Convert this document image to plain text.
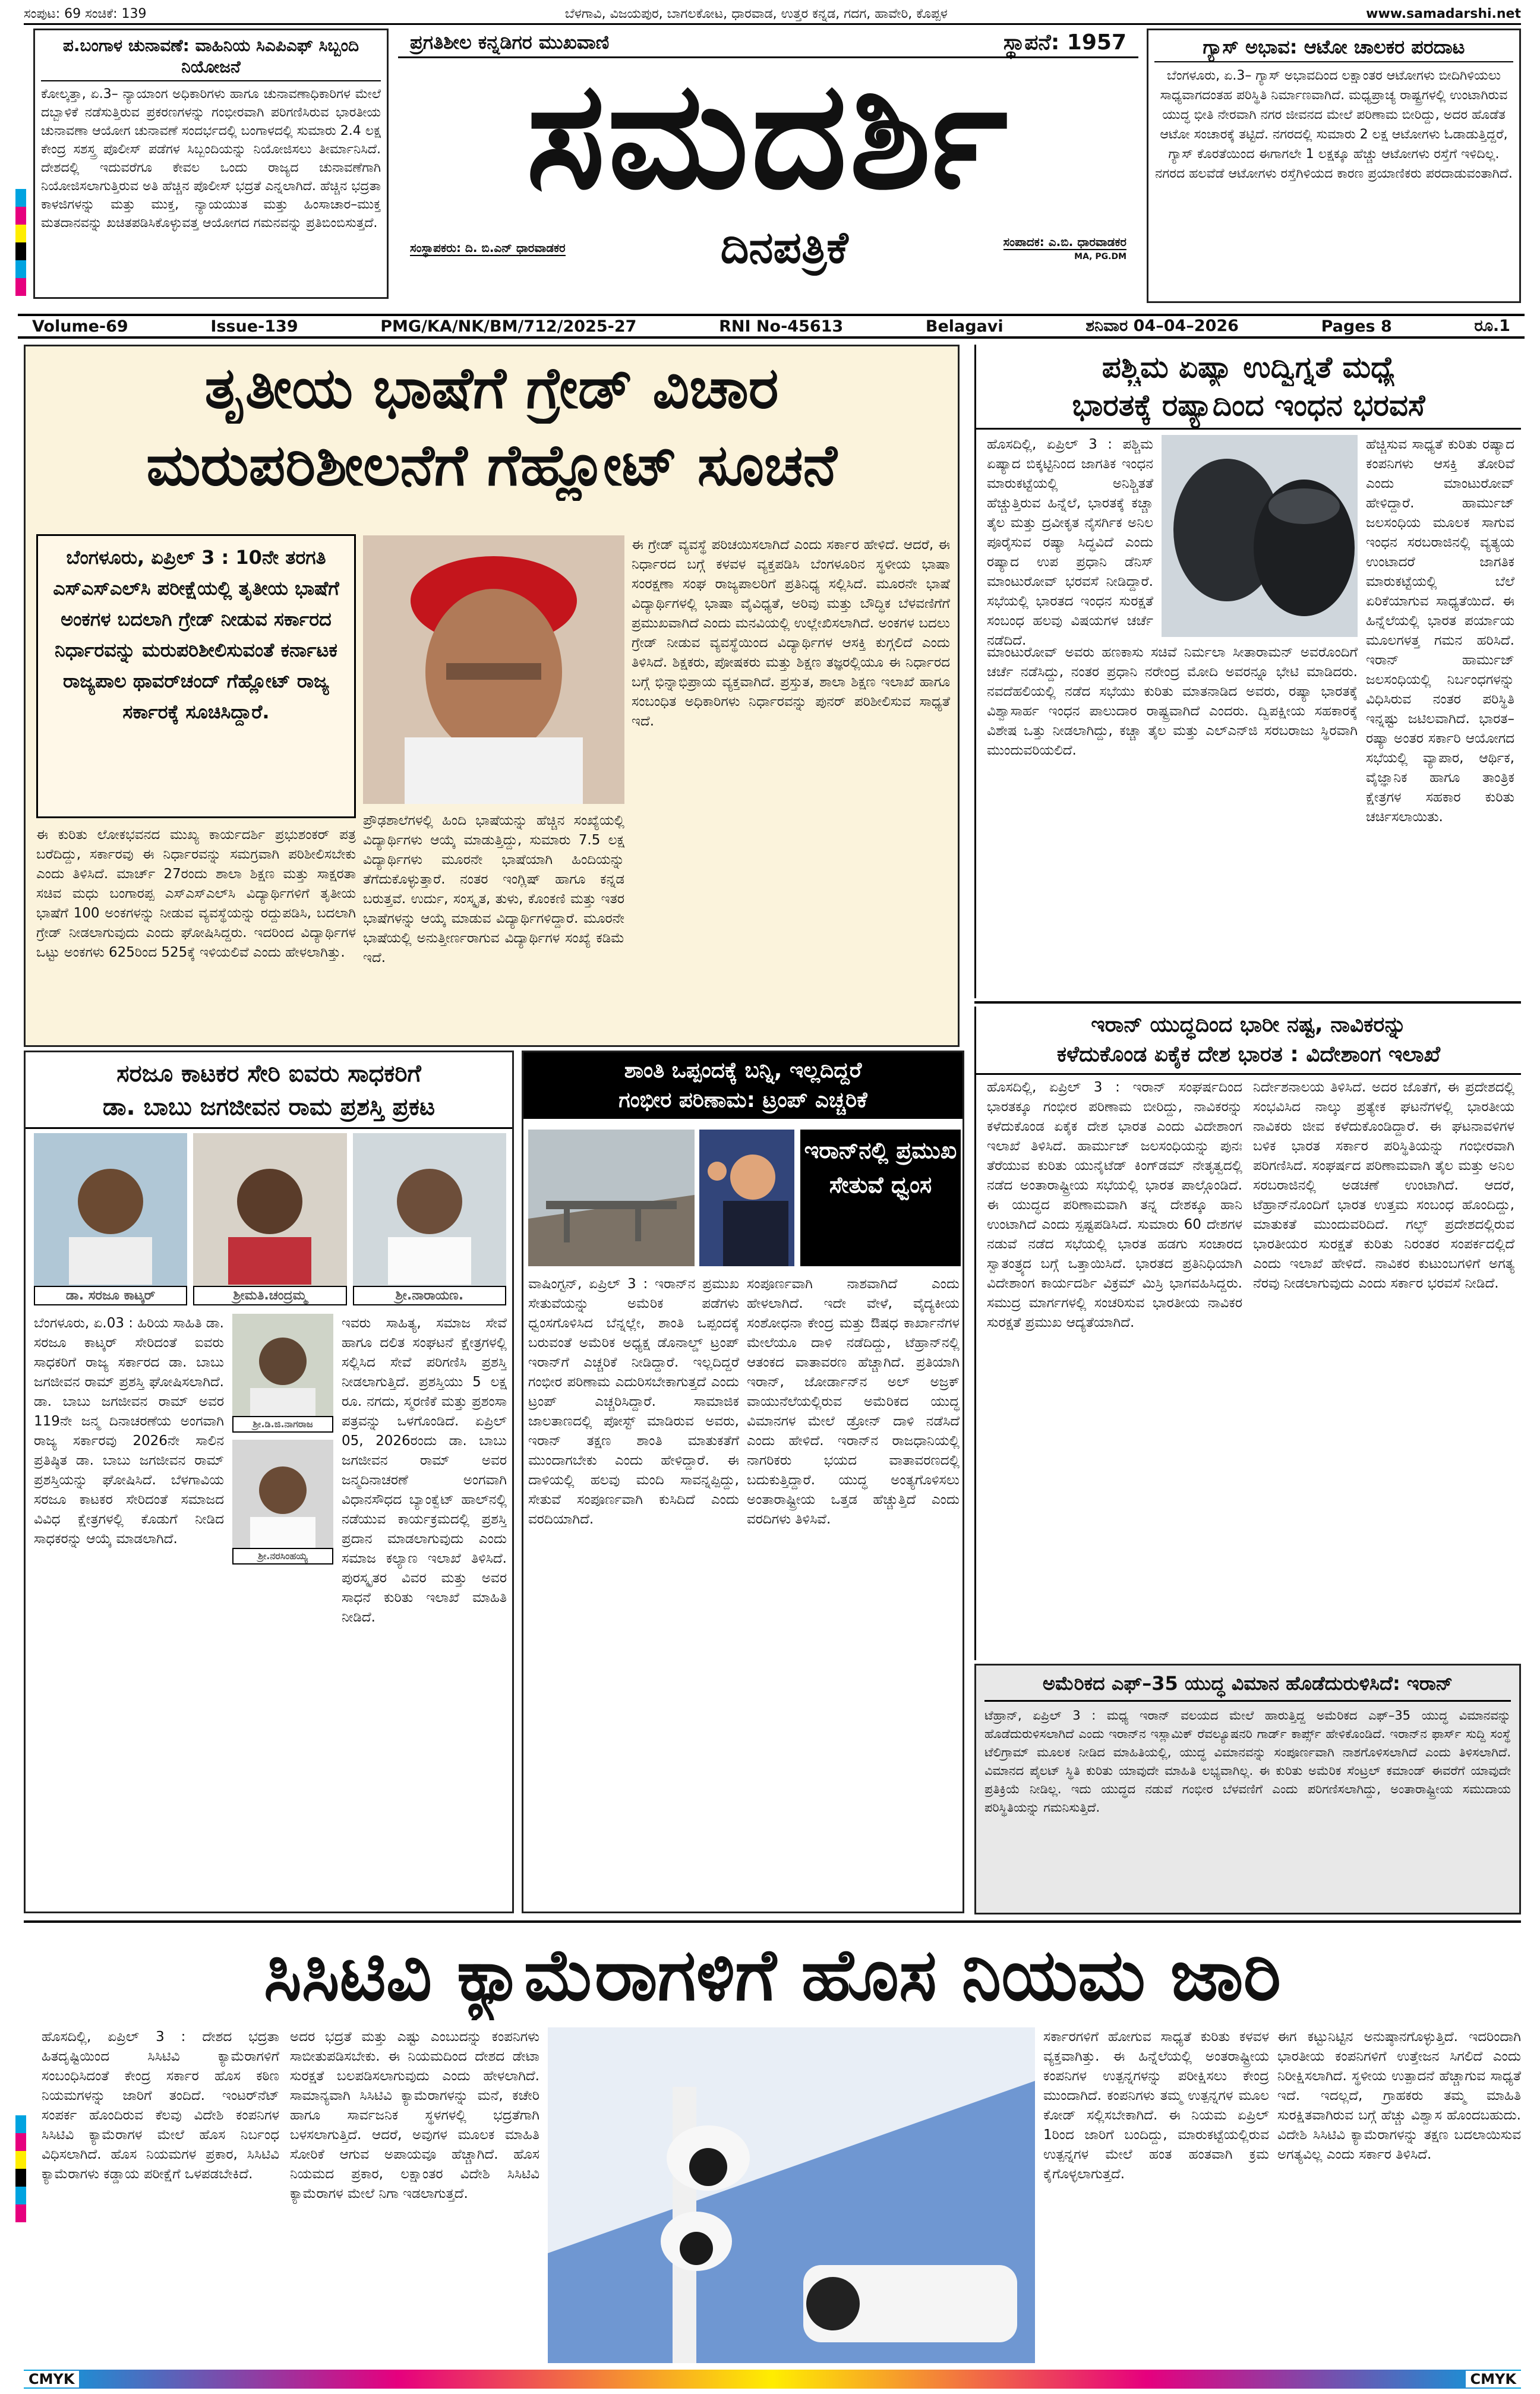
ಸಂಪುಟ: 69 ಸಂಚಿಕೆ: 139	ಬೆಳಗಾವಿ, ವಿಜಯಪುರ, ಬಾಗಲಕೋಟ, ಧಾರವಾಡ, ಉತ್ತರ ಕನ್ನಡ, ಗದಗ, ಹಾವೇರಿ, ಕೊಪ್ಪಳ	www.samadarshi.net
ಪ.ಬಂಗಾಳ ಚುನಾವಣೆ: ವಾಹಿನಿಯ ಸಿಎಪಿಎಫ್ ಸಿಬ್ಬಂದಿ ನಿಯೋಜನೆ
ಕೋಲ್ಕತ್ತಾ, ಏ.3– ನ್ಯಾಯಾಂಗ ಅಧಿಕಾರಿಗಳು ಹಾಗೂ ಚುನಾವಣಾಧಿಕಾರಿಗಳ ಮೇಲೆ ದಬ್ಬಾಳಿಕೆ ನಡೆಸುತ್ತಿರುವ ಪ್ರಕರಣಗಳನ್ನು ಗಂಭೀರವಾಗಿ ಪರಿಗಣಿಸಿರುವ ಭಾರತೀಯ ಚುನಾವಣಾ ಆಯೋಗ ಚುನಾವಣೆ ಸಂದರ್ಭದಲ್ಲಿ ಬಂಗಾಳದಲ್ಲಿ ಸುಮಾರು 2.4 ಲಕ್ಷ ಕೇಂದ್ರ ಸಶಸ್ತ್ರ ಪೊಲೀಸ್ ಪಡೆಗಳ ಸಿಬ್ಬಂದಿಯನ್ನು ನಿಯೋಜಿಸಲು ತೀರ್ಮಾನಿಸಿದೆ. ದೇಶದಲ್ಲಿ ಇದುವರೆಗೂ ಕೇವಲ ಒಂದು ರಾಜ್ಯದ ಚುನಾವಣೆಗಾಗಿ ನಿಯೋಜಿಸಲಾಗುತ್ತಿರುವ ಅತಿ ಹೆಚ್ಚಿನ ಪೊಲೀಸ್ ಭದ್ರತೆ ಎನ್ನಲಾಗಿದೆ. ಹೆಚ್ಚಿನ ಭದ್ರತಾ ಕಾಳಜಿಗಳನ್ನು ಮತ್ತು ಮುಕ್ತ, ನ್ಯಾಯಯುತ ಮತ್ತು ಹಿಂಸಾಚಾರ–ಮುಕ್ತ ಮತದಾನವನ್ನು ಖಚಿತಪಡಿಸಿಕೊಳ್ಳುವತ್ತ ಆಯೋಗದ ಗಮನವನ್ನು ಪ್ರತಿಬಿಂಬಿಸುತ್ತದೆ.
ಪ್ರಗತಿಶೀಲ ಕನ್ನಡಿಗರ ಮುಖವಾಣಿ	ಸ್ಥಾಪನೆ: 1957
ಸಮದರ್ಶಿ
ಸಂಸ್ಥಾಪಕರು: ದಿ. ಬಿ.ಎನ್ ಧಾರವಾಡಕರ	ದಿನಪತ್ರಿಕೆ	ಸಂಪಾದಕ: ಎ.ಬಿ. ಧಾರವಾಡಕರ
MA, PG.DM
ಗ್ಯಾಸ್ ಅಭಾವ: ಆಟೋ ಚಾಲಕರ ಪರದಾಟ
ಬೆಂಗಳೂರು, ಏ.3– ಗ್ಯಾಸ್ ಅಭಾವದಿಂದ ಲಕ್ಷಾಂತರ ಆಟೋಗಳು ಬೀದಿಗಿಳಿಯಲು ಸಾಧ್ಯವಾಗದಂತಹ ಪರಿಸ್ಥಿತಿ ನಿರ್ಮಾಣವಾಗಿದೆ. ಮಧ್ಯಪ್ರಾಚ್ಯ ರಾಷ್ಟ್ರಗಳಲ್ಲಿ ಉಂಟಾಗಿರುವ ಯುದ್ಧ ಭೀತಿ ನೇರವಾಗಿ ನಗರ ಜೀವನದ ಮೇಲೆ ಪರಿಣಾಮ ಬೀರಿದ್ದು, ಅದರ ಹೊಡೆತ ಆಟೋ ಸಂಚಾರಕ್ಕೆ ತಟ್ಟಿದೆ. ನಗರದಲ್ಲಿ ಸುಮಾರು 2 ಲಕ್ಷ ಆಟೋಗಳು ಓಡಾಡುತ್ತಿದ್ದರೆ, ಗ್ಯಾಸ್ ಕೊರತೆಯಿಂದ ಈಗಾಗಲೇ 1 ಲಕ್ಷಕ್ಕೂ ಹೆಚ್ಚು ಆಟೋಗಳು ರಸ್ತೆಗೆ ಇಳಿದಿಲ್ಲ. ನಗರದ ಹಲವೆಡೆ ಆಟೋಗಳು ರಸ್ತೆಗಿಳಿಯದ ಕಾರಣ ಪ್ರಯಾಣಿಕರು ಪರದಾಡುವಂತಾಗಿದೆ.
Volume-69	Issue-139	PMG/KA/NK/BM/712/2025-27	RNI No-45613	Belagavi	ಶನಿವಾರ 04–04–2026	Pages 8	ರೂ.1
ತೃತೀಯ ಭಾಷೆಗೆ ಗ್ರೇಡ್ ವಿಚಾರ
ಮರುಪರಿಶೀಲನೆಗೆ ಗೆಹ್ಲೋಟ್ ಸೂಚನೆ
ಬೆಂಗಳೂರು, ಏಪ್ರಿಲ್ 3 : 10ನೇ ತರಗತಿ ಎಸ್‌ಎಸ್‌ಎಲ್‌ಸಿ ಪರೀಕ್ಷೆಯಲ್ಲಿ ತೃತೀಯ ಭಾಷೆಗೆ ಅಂಕಗಳ ಬದಲಾಗಿ ಗ್ರೇಡ್ ನೀಡುವ ಸರ್ಕಾರದ ನಿರ್ಧಾರವನ್ನು ಮರುಪರಿಶೀಲಿಸುವಂತೆ ಕರ್ನಾಟಕ ರಾಜ್ಯಪಾಲ ಥಾವರ್‌ಚಂದ್ ಗೆಹ್ಲೋಟ್ ರಾಜ್ಯ ಸರ್ಕಾರಕ್ಕೆ ಸೂಚಿಸಿದ್ದಾರೆ.
ಈ ಕುರಿತು ಲೋಕಭವನದ ಮುಖ್ಯ ಕಾರ್ಯದರ್ಶಿ ಪ್ರಭುಶಂಕರ್ ಪತ್ರ ಬರೆದಿದ್ದು, ಸರ್ಕಾರವು ಈ ನಿರ್ಧಾರವನ್ನು ಸಮಗ್ರವಾಗಿ ಪರಿಶೀಲಿಸಬೇಕು ಎಂದು ತಿಳಿಸಿದೆ. ಮಾರ್ಚ್ 27ರಂದು ಶಾಲಾ ಶಿಕ್ಷಣ ಮತ್ತು ಸಾಕ್ಷರತಾ ಸಚಿವ ಮಧು ಬಂಗಾರಪ್ಪ ಎಸ್‌ಎಸ್‌ಎಲ್‌ಸಿ ವಿದ್ಯಾರ್ಥಿಗಳಿಗೆ ತೃತೀಯ ಭಾಷೆಗೆ 100 ಅಂಕಗಳನ್ನು ನೀಡುವ ವ್ಯವಸ್ಥೆಯನ್ನು ರದ್ದುಪಡಿಸಿ, ಬದಲಾಗಿ ಗ್ರೇಡ್ ನೀಡಲಾಗುವುದು ಎಂದು ಘೋಷಿಸಿದ್ದರು. ಇದರಿಂದ ವಿದ್ಯಾರ್ಥಿಗಳ ಒಟ್ಟು ಅಂಕಗಳು 625ರಿಂದ 525ಕ್ಕೆ ಇಳಿಯಲಿವೆ ಎಂದು ಹೇಳಲಾಗಿತ್ತು.
ಪ್ರೌಢಶಾಲೆಗಳಲ್ಲಿ ಹಿಂದಿ ಭಾಷೆಯನ್ನು ಹೆಚ್ಚಿನ ಸಂಖ್ಯೆಯಲ್ಲಿ ವಿದ್ಯಾರ್ಥಿಗಳು ಆಯ್ಕೆ ಮಾಡುತ್ತಿದ್ದು, ಸುಮಾರು 7.5 ಲಕ್ಷ ವಿದ್ಯಾರ್ಥಿಗಳು ಮೂರನೇ ಭಾಷೆಯಾಗಿ ಹಿಂದಿಯನ್ನು ತೆಗೆದುಕೊಳ್ಳುತ್ತಾರೆ. ನಂತರ ಇಂಗ್ಲಿಷ್ ಹಾಗೂ ಕನ್ನಡ ಬರುತ್ತವೆ. ಉರ್ದು, ಸಂಸ್ಕೃತ, ತುಳು, ಕೊಂಕಣಿ ಮತ್ತು ಇತರ ಭಾಷೆಗಳನ್ನು ಆಯ್ಕೆ ಮಾಡುವ ವಿದ್ಯಾರ್ಥಿಗಳಿದ್ದಾರೆ. ಮೂರನೇ ಭಾಷೆಯಲ್ಲಿ ಅನುತ್ತೀರ್ಣರಾಗುವ ವಿದ್ಯಾರ್ಥಿಗಳ ಸಂಖ್ಯೆ ಕಡಿಮೆ ಇದೆ.
ಈ ಗ್ರೇಡ್ ವ್ಯವಸ್ಥೆ ಪರಿಚಯಿಸಲಾಗಿದೆ ಎಂದು ಸರ್ಕಾರ ಹೇಳಿದೆ. ಆದರೆ, ಈ ನಿರ್ಧಾರದ ಬಗ್ಗೆ ಕಳವಳ ವ್ಯಕ್ತಪಡಿಸಿ ಬೆಂಗಳೂರಿನ ಸ್ಥಳೀಯ ಭಾಷಾ ಸಂರಕ್ಷಣಾ ಸಂಘ ರಾಜ್ಯಪಾಲರಿಗೆ ಪ್ರತಿನಿಧ್ಯ ಸಲ್ಲಿಸಿದೆ. ಮೂರನೇ ಭಾಷೆ ವಿದ್ಯಾರ್ಥಿಗಳಲ್ಲಿ ಭಾಷಾ ವೈವಿಧ್ಯತೆ, ಅರಿವು ಮತ್ತು ಬೌದ್ಧಿಕ ಬೆಳವಣಿಗೆಗೆ ಪ್ರಮುಖವಾಗಿದೆ ಎಂದು ಮನವಿಯಲ್ಲಿ ಉಲ್ಲೇಖಿಸಲಾಗಿದೆ. ಅಂಕಗಳ ಬದಲು ಗ್ರೇಡ್ ನೀಡುವ ವ್ಯವಸ್ಥೆಯಿಂದ ವಿದ್ಯಾರ್ಥಿಗಳ ಆಸಕ್ತಿ ಕುಗ್ಗಲಿದೆ ಎಂದು ತಿಳಿಸಿದೆ. ಶಿಕ್ಷಕರು, ಪೋಷಕರು ಮತ್ತು ಶಿಕ್ಷಣ ತಜ್ಞರಲ್ಲಿಯೂ ಈ ನಿರ್ಧಾರದ ಬಗ್ಗೆ ಭಿನ್ನಾಭಿಪ್ರಾಯ ವ್ಯಕ್ತವಾಗಿದೆ. ಪ್ರಸ್ತುತ, ಶಾಲಾ ಶಿಕ್ಷಣ ಇಲಾಖೆ ಹಾಗೂ ಸಂಬಂಧಿತ ಅಧಿಕಾರಿಗಳು ನಿರ್ಧಾರವನ್ನು ಪುನರ್ ಪರಿಶೀಲಿಸುವ ಸಾಧ್ಯತೆ ಇದೆ.
ಪಶ್ಚಿಮ ಏಷ್ಯಾ ಉದ್ವಿಗ್ನತೆ ಮಧ್ಯೆ
ಭಾರತಕ್ಕೆ ರಷ್ಯಾದಿಂದ ಇಂಧನ ಭರವಸೆ
ಹೊಸದಿಲ್ಲಿ, ಏಪ್ರಿಲ್ 3 : ಪಶ್ಚಿಮ ಏಷ್ಯಾದ ಬಿಕ್ಕಟ್ಟಿನಿಂದ ಜಾಗತಿಕ ಇಂಧನ ಮಾರುಕಟ್ಟೆಯಲ್ಲಿ ಅನಿಶ್ಚಿತತೆ ಹೆಚ್ಚುತ್ತಿರುವ ಹಿನ್ನೆಲೆ, ಭಾರತಕ್ಕೆ ಕಚ್ಚಾ ತೈಲ ಮತ್ತು ದ್ರವೀಕೃತ ನೈಸರ್ಗಿಕ ಅನಿಲ ಪೂರೈಸುವ ರಷ್ಯಾ ಸಿದ್ಧವಿದೆ ಎಂದು ರಷ್ಯಾದ ಉಪ ಪ್ರಧಾನಿ ಡೆನಿಸ್ ಮಾಂಟುರೋವ್ ಭರವಸೆ ನೀಡಿದ್ದಾರೆ. ಸಭೆಯಲ್ಲಿ ಭಾರತದ ಇಂಧನ ಸುರಕ್ಷತೆ ಸಂಬಂಧ ಹಲವು ವಿಷಯಗಳ ಚರ್ಚೆ ನಡೆದಿದೆ.
ಹೆಚ್ಚಿಸುವ ಸಾಧ್ಯತೆ ಕುರಿತು ರಷ್ಯಾದ ಕಂಪನಿಗಳು ಆಸಕ್ತಿ ತೋರಿವೆ ಎಂದು ಮಾಂಟುರೋವ್ ಹೇಳಿದ್ದಾರೆ. ಹಾರ್ಮುಜ್ ಜಲಸಂಧಿಯ ಮೂಲಕ ಸಾಗುವ ಇಂಧನ ಸರಬರಾಜಿನಲ್ಲಿ ವ್ಯತ್ಯಯ ಉಂಟಾದರೆ ಜಾಗತಿಕ ಮಾರುಕಟ್ಟೆಯಲ್ಲಿ ಬೆಲೆ ಏರಿಕೆಯಾಗುವ ಸಾಧ್ಯತೆಯಿದೆ. ಈ ಹಿನ್ನೆಲೆಯಲ್ಲಿ ಭಾರತ ಪರ್ಯಾಯ ಮೂಲಗಳತ್ತ ಗಮನ ಹರಿಸಿದೆ. ಇರಾನ್ ಹಾರ್ಮುಜ್ ಜಲಸಂಧಿಯಲ್ಲಿ ನಿರ್ಬಂಧಗಳನ್ನು ವಿಧಿಸಿರುವ ನಂತರ ಪರಿಸ್ಥಿತಿ ಇನ್ನಷ್ಟು ಜಟಿಲವಾಗಿದೆ. ಭಾರತ–ರಷ್ಯಾ ಅಂತರ ಸರ್ಕಾರಿ ಆಯೋಗದ ಸಭೆಯಲ್ಲಿ ವ್ಯಾಪಾರ, ಆರ್ಥಿಕ, ವೈಜ್ಞಾನಿಕ ಹಾಗೂ ತಾಂತ್ರಿಕ ಕ್ಷೇತ್ರಗಳ ಸಹಕಾರ ಕುರಿತು ಚರ್ಚಿಸಲಾಯಿತು.
ಮಾಂಟುರೋವ್ ಅವರು ಹಣಕಾಸು ಸಚಿವೆ ನಿರ್ಮಲಾ ಸೀತಾರಾಮನ್ ಅವರೊಂದಿಗೆ ಚರ್ಚೆ ನಡೆಸಿದ್ದು, ನಂತರ ಪ್ರಧಾನಿ ನರೇಂದ್ರ ಮೋದಿ ಅವರನ್ನೂ ಭೇಟಿ ಮಾಡಿದರು. ನವದೆಹಲಿಯಲ್ಲಿ ನಡೆದ ಸಭೆಯು ಕುರಿತು ಮಾತನಾಡಿದ ಅವರು, ರಷ್ಯಾ ಭಾರತಕ್ಕೆ ವಿಶ್ವಾಸಾರ್ಹ ಇಂಧನ ಪಾಲುದಾರ ರಾಷ್ಟ್ರವಾಗಿದೆ ಎಂದರು. ದ್ವಿಪಕ್ಷೀಯ ಸಹಕಾರಕ್ಕೆ ವಿಶೇಷ ಒತ್ತು ನೀಡಲಾಗಿದ್ದು, ಕಚ್ಚಾ ತೈಲ ಮತ್ತು ಎಲ್‌ಎನ್‌ಜಿ ಸರಬರಾಜು ಸ್ಥಿರವಾಗಿ ಮುಂದುವರಿಯಲಿದೆ.
ಇರಾನ್ ಯುದ್ಧದಿಂದ ಭಾರೀ ನಷ್ಟ, ನಾವಿಕರನ್ನು
ಕಳೆದುಕೊಂಡ ಏಕೈಕ ದೇಶ ಭಾರತ : ವಿದೇಶಾಂಗ ಇಲಾಖೆ
ಹೊಸದಿಲ್ಲಿ, ಏಪ್ರಿಲ್ 3 : ಇರಾನ್ ಸಂಘರ್ಷದಿಂದ ಭಾರತಕ್ಕೂ ಗಂಭೀರ ಪರಿಣಾಮ ಬೀರಿದ್ದು, ನಾವಿಕರನ್ನು ಕಳೆದುಕೊಂಡ ಏಕೈಕ ದೇಶ ಭಾರತ ಎಂದು ವಿದೇಶಾಂಗ ಇಲಾಖೆ ತಿಳಿಸಿದೆ. ಹಾರ್ಮುಜ್ ಜಲಸಂಧಿಯನ್ನು ಪುನಃ ತೆರೆಯುವ ಕುರಿತು ಯುನೈಟೆಡ್ ಕಿಂಗ್‌ಡಮ್ ನೇತೃತ್ವದಲ್ಲಿ ನಡೆದ ಅಂತಾರಾಷ್ಟ್ರೀಯ ಸಭೆಯಲ್ಲಿ ಭಾರತ ಪಾಲ್ಗೊಂಡಿದೆ. ಈ ಯುದ್ಧದ ಪರಿಣಾಮವಾಗಿ ತನ್ನ ದೇಶಕ್ಕೂ ಹಾನಿ ಉಂಟಾಗಿದೆ ಎಂದು ಸ್ಪಷ್ಟಪಡಿಸಿದೆ. ಸುಮಾರು 60 ದೇಶಗಳ ನಡುವೆ ನಡೆದ ಸಭೆಯಲ್ಲಿ ಭಾರತ ಹಡಗು ಸಂಚಾರದ ಸ್ವಾತಂತ್ರ್ಯದ ಬಗ್ಗೆ ಒತ್ತಾಯಿಸಿದೆ. ಭಾರತದ ಪ್ರತಿನಿಧಿಯಾಗಿ ವಿದೇಶಾಂಗ ಕಾರ್ಯದರ್ಶಿ ವಿಕ್ರಮ್ ಮಿಸ್ರಿ ಭಾಗವಹಿಸಿದ್ದರು. ಸಮುದ್ರ ಮಾರ್ಗಗಳಲ್ಲಿ ಸಂಚರಿಸುವ ಭಾರತೀಯ ನಾವಿಕರ ಸುರಕ್ಷತೆ ಪ್ರಮುಖ ಆದ್ಯತೆಯಾಗಿದೆ.
ನಿರ್ದೇಶನಾಲಯ ತಿಳಿಸಿದೆ. ಅದರ ಜೊತೆಗೆ, ಈ ಪ್ರದೇಶದಲ್ಲಿ ಸಂಭವಿಸಿದ ನಾಲ್ಕು ಪ್ರತ್ಯೇಕ ಘಟನೆಗಳಲ್ಲಿ ಭಾರತೀಯ ನಾವಿಕರು ಜೀವ ಕಳೆದುಕೊಂಡಿದ್ದಾರೆ. ಈ ಘಟನಾವಳಿಗಳ ಬಳಿಕ ಭಾರತ ಸರ್ಕಾರ ಪರಿಸ್ಥಿತಿಯನ್ನು ಗಂಭೀರವಾಗಿ ಪರಿಗಣಿಸಿದೆ. ಸಂಘರ್ಷದ ಪರಿಣಾಮವಾಗಿ ತೈಲ ಮತ್ತು ಅನಿಲ ಸರಬರಾಜಿನಲ್ಲಿ ಅಡಚಣೆ ಉಂಟಾಗಿದೆ. ಆದರೆ, ಟೆಹ್ರಾನ್‌ನೊಂದಿಗೆ ಭಾರತ ಉತ್ತಮ ಸಂಬಂಧ ಹೊಂದಿದ್ದು, ಮಾತುಕತೆ ಮುಂದುವರಿದಿದೆ. ಗಲ್ಫ್ ಪ್ರದೇಶದಲ್ಲಿರುವ ಭಾರತೀಯರ ಸುರಕ್ಷತೆ ಕುರಿತು ನಿರಂತರ ಸಂಪರ್ಕದಲ್ಲಿದೆ ಎಂದು ಇಲಾಖೆ ಹೇಳಿದೆ. ನಾವಿಕರ ಕುಟುಂಬಗಳಿಗೆ ಅಗತ್ಯ ನೆರವು ನೀಡಲಾಗುವುದು ಎಂದು ಸರ್ಕಾರ ಭರವಸೆ ನೀಡಿದೆ.
ಅಮೆರಿಕದ ಎಫ್–35 ಯುದ್ಧ ವಿಮಾನ ಹೊಡೆದುರುಳಿಸಿದೆ: ಇರಾನ್
ಟೆಹ್ರಾನ್, ಏಪ್ರಿಲ್ 3 : ಮಧ್ಯ ಇರಾನ್ ವಲಯದ ಮೇಲೆ ಹಾರುತ್ತಿದ್ದ ಅಮೆರಿಕದ ಎಫ್–35 ಯುದ್ಧ ವಿಮಾನವನ್ನು ಹೊಡೆದುರುಳಿಸಲಾಗಿದೆ ಎಂದು ಇರಾನ್‌ನ ಇಸ್ಲಾಮಿಕ್ ರೆವಲ್ಯೂಷನರಿ ಗಾರ್ಡ್ ಕಾರ್ಪ್ಸ್ ಹೇಳಿಕೊಂಡಿದೆ. ಇರಾನ್‌ನ ಫಾರ್ಸ್ ಸುದ್ದಿ ಸಂಸ್ಥೆ ಟೆಲಿಗ್ರಾಮ್ ಮೂಲಕ ನೀಡಿದ ಮಾಹಿತಿಯಲ್ಲಿ, ಯುದ್ಧ ವಿಮಾನವನ್ನು ಸಂಪೂರ್ಣವಾಗಿ ನಾಶಗೊಳಿಸಲಾಗಿದೆ ಎಂದು ತಿಳಿಸಲಾಗಿದೆ. ವಿಮಾನದ ಪೈಲಟ್ ಸ್ಥಿತಿ ಕುರಿತು ಯಾವುದೇ ಮಾಹಿತಿ ಲಭ್ಯವಾಗಿಲ್ಲ. ಈ ಕುರಿತು ಅಮೆರಿಕ ಸೆಂಟ್ರಲ್ ಕಮಾಂಡ್ ಈವರೆಗೆ ಯಾವುದೇ ಪ್ರತಿಕ್ರಿಯೆ ನೀಡಿಲ್ಲ. ಇದು ಯುದ್ಧದ ನಡುವೆ ಗಂಭೀರ ಬೆಳವಣಿಗೆ ಎಂದು ಪರಿಗಣಿಸಲಾಗಿದ್ದು, ಅಂತಾರಾಷ್ಟ್ರೀಯ ಸಮುದಾಯ ಪರಿಸ್ಥಿತಿಯನ್ನು ಗಮನಿಸುತ್ತಿದೆ.
ಸರಜೂ ಕಾಟಕರ ಸೇರಿ ಐವರು ಸಾಧಕರಿಗೆ
ಡಾ. ಬಾಬು ಜಗಜೀವನ ರಾಮ ಪ್ರಶಸ್ತಿ ಪ್ರಕಟ
ಡಾ. ಸರಜೂ ಕಾಟ್ಕರ್	ಶ್ರೀಮತಿ.ಚಂದ್ರಮ್ಮ	ಶ್ರೀ.ನಾರಾಯಣ.
ಬೆಂಗಳೂರು, ಏ.03 : ಹಿರಿಯ ಸಾಹಿತಿ ಡಾ. ಸರಜೂ ಕಾಟ್ಕರ್ ಸೇರಿದಂತೆ ಐವರು ಸಾಧಕರಿಗೆ ರಾಜ್ಯ ಸರ್ಕಾರದ ಡಾ. ಬಾಬು ಜಗಜೀವನ ರಾಮ್ ಪ್ರಶಸ್ತಿ ಘೋಷಿಸಲಾಗಿದೆ. ಡಾ. ಬಾಬು ಜಗಜೀವನ ರಾಮ್ ಅವರ 119ನೇ ಜನ್ಮ ದಿನಾಚರಣೆಯ ಅಂಗವಾಗಿ ರಾಜ್ಯ ಸರ್ಕಾರವು 2026ನೇ ಸಾಲಿನ ಪ್ರತಿಷ್ಠಿತ ಡಾ. ಬಾಬು ಜಗಜೀವನ ರಾಮ್ ಪ್ರಶಸ್ತಿಯನ್ನು ಘೋಷಿಸಿದೆ. ಬೆಳಗಾವಿಯ ಸರಜೂ ಕಾಟಕರ ಸೇರಿದಂತೆ ಸಮಾಜದ ವಿವಿಧ ಕ್ಷೇತ್ರಗಳಲ್ಲಿ ಕೊಡುಗೆ ನೀಡಿದ ಸಾಧಕರನ್ನು ಆಯ್ಕೆ ಮಾಡಲಾಗಿದೆ.
ಶ್ರೀ.ಡಿ.ಜಿ.ನಾಗರಾಜ
ಶ್ರೀ.ನರಸಿಂಹಯ್ಯ
ಇವರು ಸಾಹಿತ್ಯ, ಸಮಾಜ ಸೇವೆ ಹಾಗೂ ದಲಿತ ಸಂಘಟನೆ ಕ್ಷೇತ್ರಗಳಲ್ಲಿ ಸಲ್ಲಿಸಿದ ಸೇವೆ ಪರಿಗಣಿಸಿ ಪ್ರಶಸ್ತಿ ನೀಡಲಾಗುತ್ತಿದೆ. ಪ್ರಶಸ್ತಿಯು 5 ಲಕ್ಷ ರೂ. ನಗದು, ಸ್ಮರಣಿಕೆ ಮತ್ತು ಪ್ರಶಂಸಾ ಪತ್ರವನ್ನು ಒಳಗೊಂಡಿದೆ. ಏಪ್ರಿಲ್ 05, 2026ರಂದು ಡಾ. ಬಾಬು ಜಗಜೀವನ ರಾಮ್ ಅವರ ಜನ್ಮದಿನಾಚರಣೆ ಅಂಗವಾಗಿ ವಿಧಾನಸೌಧದ ಬ್ಯಾಂಕ್ವೆಟ್ ಹಾಲ್‌ನಲ್ಲಿ ನಡೆಯುವ ಕಾರ್ಯಕ್ರಮದಲ್ಲಿ ಪ್ರಶಸ್ತಿ ಪ್ರದಾನ ಮಾಡಲಾಗುವುದು ಎಂದು ಸಮಾಜ ಕಲ್ಯಾಣ ಇಲಾಖೆ ತಿಳಿಸಿದೆ. ಪುರಸ್ಕೃತರ ವಿವರ ಮತ್ತು ಅವರ ಸಾಧನೆ ಕುರಿತು ಇಲಾಖೆ ಮಾಹಿತಿ ನೀಡಿದೆ.
ಶಾಂತಿ ಒಪ್ಪಂದಕ್ಕೆ ಬನ್ನಿ, ಇಲ್ಲದಿದ್ದರೆ
ಗಂಭೀರ ಪರಿಣಾಮ: ಟ್ರಂಪ್ ಎಚ್ಚರಿಕೆ
ಇರಾನ್‌ನಲ್ಲಿ ಪ್ರಮುಖ ಸೇತುವೆ ಧ್ವಂಸ
ವಾಷಿಂಗ್ಟನ್, ಏಪ್ರಿಲ್ 3 : ಇರಾನ್‌ನ ಪ್ರಮುಖ ಸೇತುವೆಯನ್ನು ಅಮೆರಿಕ ಪಡೆಗಳು ಧ್ವಂಸಗೊಳಿಸಿದ ಬೆನ್ನಲ್ಲೇ, ಶಾಂತಿ ಒಪ್ಪಂದಕ್ಕೆ ಬರುವಂತೆ ಅಮೆರಿಕ ಅಧ್ಯಕ್ಷ ಡೊನಾಲ್ಡ್ ಟ್ರಂಪ್ ಇರಾನ್‌ಗೆ ಎಚ್ಚರಿಕೆ ನೀಡಿದ್ದಾರೆ. ಇಲ್ಲದಿದ್ದರೆ ಗಂಭೀರ ಪರಿಣಾಮ ಎದುರಿಸಬೇಕಾಗುತ್ತದೆ ಎಂದು ಟ್ರಂಪ್ ಎಚ್ಚರಿಸಿದ್ದಾರೆ. ಸಾಮಾಜಿಕ ಜಾಲತಾಣದಲ್ಲಿ ಪೋಸ್ಟ್ ಮಾಡಿರುವ ಅವರು, ಇರಾನ್ ತಕ್ಷಣ ಶಾಂತಿ ಮಾತುಕತೆಗೆ ಮುಂದಾಗಬೇಕು ಎಂದು ಹೇಳಿದ್ದಾರೆ. ಈ ದಾಳಿಯಲ್ಲಿ ಹಲವು ಮಂದಿ ಸಾವನ್ನಪ್ಪಿದ್ದು, ಸೇತುವೆ ಸಂಪೂರ್ಣವಾಗಿ ಕುಸಿದಿದೆ ಎಂದು ವರದಿಯಾಗಿದೆ.
ಸಂಪೂರ್ಣವಾಗಿ ನಾಶವಾಗಿದೆ ಎಂದು ಹೇಳಲಾಗಿದೆ. ಇದೇ ವೇಳೆ, ವೈದ್ಯಕೀಯ ಸಂಶೋಧನಾ ಕೇಂದ್ರ ಮತ್ತು ಔಷಧ ಕಾರ್ಖಾನೆಗಳ ಮೇಲೆಯೂ ದಾಳಿ ನಡೆದಿದ್ದು, ಟೆಹ್ರಾನ್‌ನಲ್ಲಿ ಆತಂಕದ ವಾತಾವರಣ ಹೆಚ್ಚಾಗಿದೆ. ಪ್ರತಿಯಾಗಿ ಇರಾನ್, ಜೋರ್ಡಾನ್‌ನ ಅಲ್ ಅಜ್ರಕ್ ವಾಯುನೆಲೆಯಲ್ಲಿರುವ ಅಮೆರಿಕದ ಯುದ್ಧ ವಿಮಾನಗಳ ಮೇಲೆ ಡ್ರೋನ್ ದಾಳಿ ನಡೆಸಿದೆ ಎಂದು ಹೇಳಿದೆ. ಇರಾನ್‌ನ ರಾಜಧಾನಿಯಲ್ಲಿ ನಾಗರಿಕರು ಭಯದ ವಾತಾವರಣದಲ್ಲಿ ಬದುಕುತ್ತಿದ್ದಾರೆ. ಯುದ್ಧ ಅಂತ್ಯಗೊಳಿಸಲು ಅಂತಾರಾಷ್ಟ್ರೀಯ ಒತ್ತಡ ಹೆಚ್ಚುತ್ತಿದೆ ಎಂದು ವರದಿಗಳು ತಿಳಿಸಿವೆ.
ಸಿಸಿಟಿವಿ ಕ್ಯಾಮೆರಾಗಳಿಗೆ ಹೊಸ ನಿಯಮ ಜಾರಿ
ಹೊಸದಿಲ್ಲಿ, ಏಪ್ರಿಲ್ 3 : ದೇಶದ ಭದ್ರತಾ ಹಿತದೃಷ್ಟಿಯಿಂದ ಸಿಸಿಟಿವಿ ಕ್ಯಾಮೆರಾಗಳಿಗೆ ಸಂಬಂಧಿಸಿದಂತೆ ಕೇಂದ್ರ ಸರ್ಕಾರ ಹೊಸ ಕಠಿಣ ನಿಯಮಗಳನ್ನು ಜಾರಿಗೆ ತಂದಿದೆ. ಇಂಟರ್‌ನೆಟ್ ಸಂಪರ್ಕ ಹೊಂದಿರುವ ಕೆಲವು ವಿದೇಶಿ ಕಂಪನಿಗಳ ಸಿಸಿಟಿವಿ ಕ್ಯಾಮೆರಾಗಳ ಮೇಲೆ ಹೊಸ ನಿರ್ಬಂಧ ವಿಧಿಸಲಾಗಿದೆ. ಹೊಸ ನಿಯಮಗಳ ಪ್ರಕಾರ, ಸಿಸಿಟಿವಿ ಕ್ಯಾಮೆರಾಗಳು ಕಡ್ಡಾಯ ಪರೀಕ್ಷೆಗೆ ಒಳಪಡಬೇಕಿದೆ.
ಅದರ ಭದ್ರತೆ ಮತ್ತು ಎಷ್ಟು ಎಂಬುದನ್ನು ಕಂಪನಿಗಳು ಸಾಬೀತುಪಡಿಸಬೇಕು. ಈ ನಿಯಮದಿಂದ ದೇಶದ ಡೇಟಾ ಸುರಕ್ಷತೆ ಬಲಪಡಿಸಲಾಗುವುದು ಎಂದು ಹೇಳಲಾಗಿದೆ. ಸಾಮಾನ್ಯವಾಗಿ ಸಿಸಿಟಿವಿ ಕ್ಯಾಮೆರಾಗಳನ್ನು ಮನೆ, ಕಚೇರಿ ಹಾಗೂ ಸಾರ್ವಜನಿಕ ಸ್ಥಳಗಳಲ್ಲಿ ಭದ್ರತೆಗಾಗಿ ಬಳಸಲಾಗುತ್ತಿದೆ. ಆದರೆ, ಅವುಗಳ ಮೂಲಕ ಮಾಹಿತಿ ಸೋರಿಕೆ ಆಗುವ ಅಪಾಯವೂ ಹೆಚ್ಚಾಗಿದೆ. ಹೊಸ ನಿಯಮದ ಪ್ರಕಾರ, ಲಕ್ಷಾಂತರ ವಿದೇಶಿ ಸಿಸಿಟಿವಿ ಕ್ಯಾಮೆರಾಗಳ ಮೇಲೆ ನಿಗಾ ಇಡಲಾಗುತ್ತದೆ.
ಸರ್ಕಾರಗಳಿಗೆ ಹೋಗುವ ಸಾಧ್ಯತೆ ಕುರಿತು ಕಳವಳ ವ್ಯಕ್ತವಾಗಿತ್ತು. ಈ ಹಿನ್ನೆಲೆಯಲ್ಲಿ ಅಂತರಾಷ್ಟ್ರೀಯ ಕಂಪನಿಗಳ ಉತ್ಪನ್ನಗಳನ್ನು ಪರೀಕ್ಷಿಸಲು ಕೇಂದ್ರ ಮುಂದಾಗಿದೆ. ಕಂಪನಿಗಳು ತಮ್ಮ ಉತ್ಪನ್ನಗಳ ಮೂಲ ಕೋಡ್ ಸಲ್ಲಿಸಬೇಕಾಗಿದೆ. ಈ ನಿಯಮ ಏಪ್ರಿಲ್ 1ರಿಂದ ಜಾರಿಗೆ ಬಂದಿದ್ದು, ಮಾರುಕಟ್ಟೆಯಲ್ಲಿರುವ ಉತ್ಪನ್ನಗಳ ಮೇಲೆ ಹಂತ ಹಂತವಾಗಿ ಕ್ರಮ ಕೈಗೊಳ್ಳಲಾಗುತ್ತದೆ.
ಈಗ ಕಟ್ಟುನಿಟ್ಟಿನ ಅನುಷ್ಠಾನಗೊಳ್ಳುತ್ತಿದೆ. ಇದರಿಂದಾಗಿ ಭಾರತೀಯ ಕಂಪನಿಗಳಿಗೆ ಉತ್ತೇಜನ ಸಿಗಲಿದೆ ಎಂದು ನಿರೀಕ್ಷಿಸಲಾಗಿದೆ. ಸ್ಥಳೀಯ ಉತ್ಪಾದನೆ ಹೆಚ್ಚಾಗುವ ಸಾಧ್ಯತೆ ಇದೆ. ಇದಲ್ಲದೆ, ಗ್ರಾಹಕರು ತಮ್ಮ ಮಾಹಿತಿ ಸುರಕ್ಷಿತವಾಗಿರುವ ಬಗ್ಗೆ ಹೆಚ್ಚು ವಿಶ್ವಾಸ ಹೊಂದಬಹುದು. ವಿದೇಶಿ ಸಿಸಿಟಿವಿ ಕ್ಯಾಮೆರಾಗಳನ್ನು ತಕ್ಷಣ ಬದಲಾಯಿಸುವ ಅಗತ್ಯವಿಲ್ಲ ಎಂದು ಸರ್ಕಾರ ತಿಳಿಸಿದೆ.
CMYK	CMYK
